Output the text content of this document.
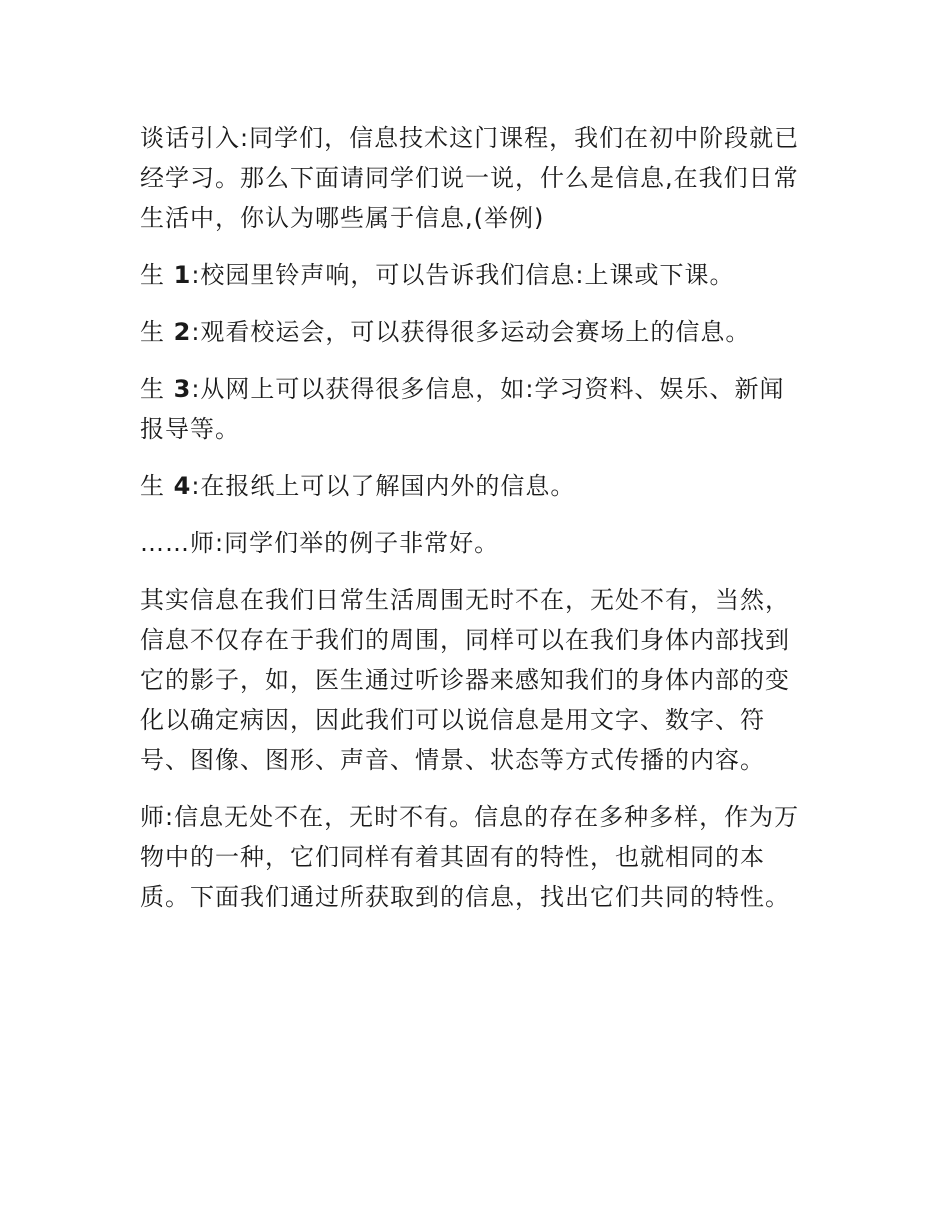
谈话引入:同学们，信息技术这门课程，我们在初中阶段就已经学习。那么下面请同学们说一说，什么是信息,在我们日常生活中，你认为哪些属于信息,(举例)

生 1:校园里铃声响，可以告诉我们信息:上课或下课。

生 2:观看校运会，可以获得很多运动会赛场上的信息。

生 3:从网上可以获得很多信息，如:学习资料、娱乐、新闻报导等。

生 4:在报纸上可以了解国内外的信息。

……师:同学们举的例子非常好。

其实信息在我们日常生活周围无时不在，无处不有，当然，信息不仅存在于我们的周围，同样可以在我们身体内部找到它的影子，如，医生通过听诊器来感知我们的身体内部的变化以确定病因，因此我们可以说信息是用文字、数字、符号、图像、图形、声音、情景、状态等方式传播的内容。

师:信息无处不在，无时不有。信息的存在多种多样，作为万物中的一种，它们同样有着其固有的特性，也就相同的本质。下面我们通过所获取到的信息，找出它们共同的特性。
